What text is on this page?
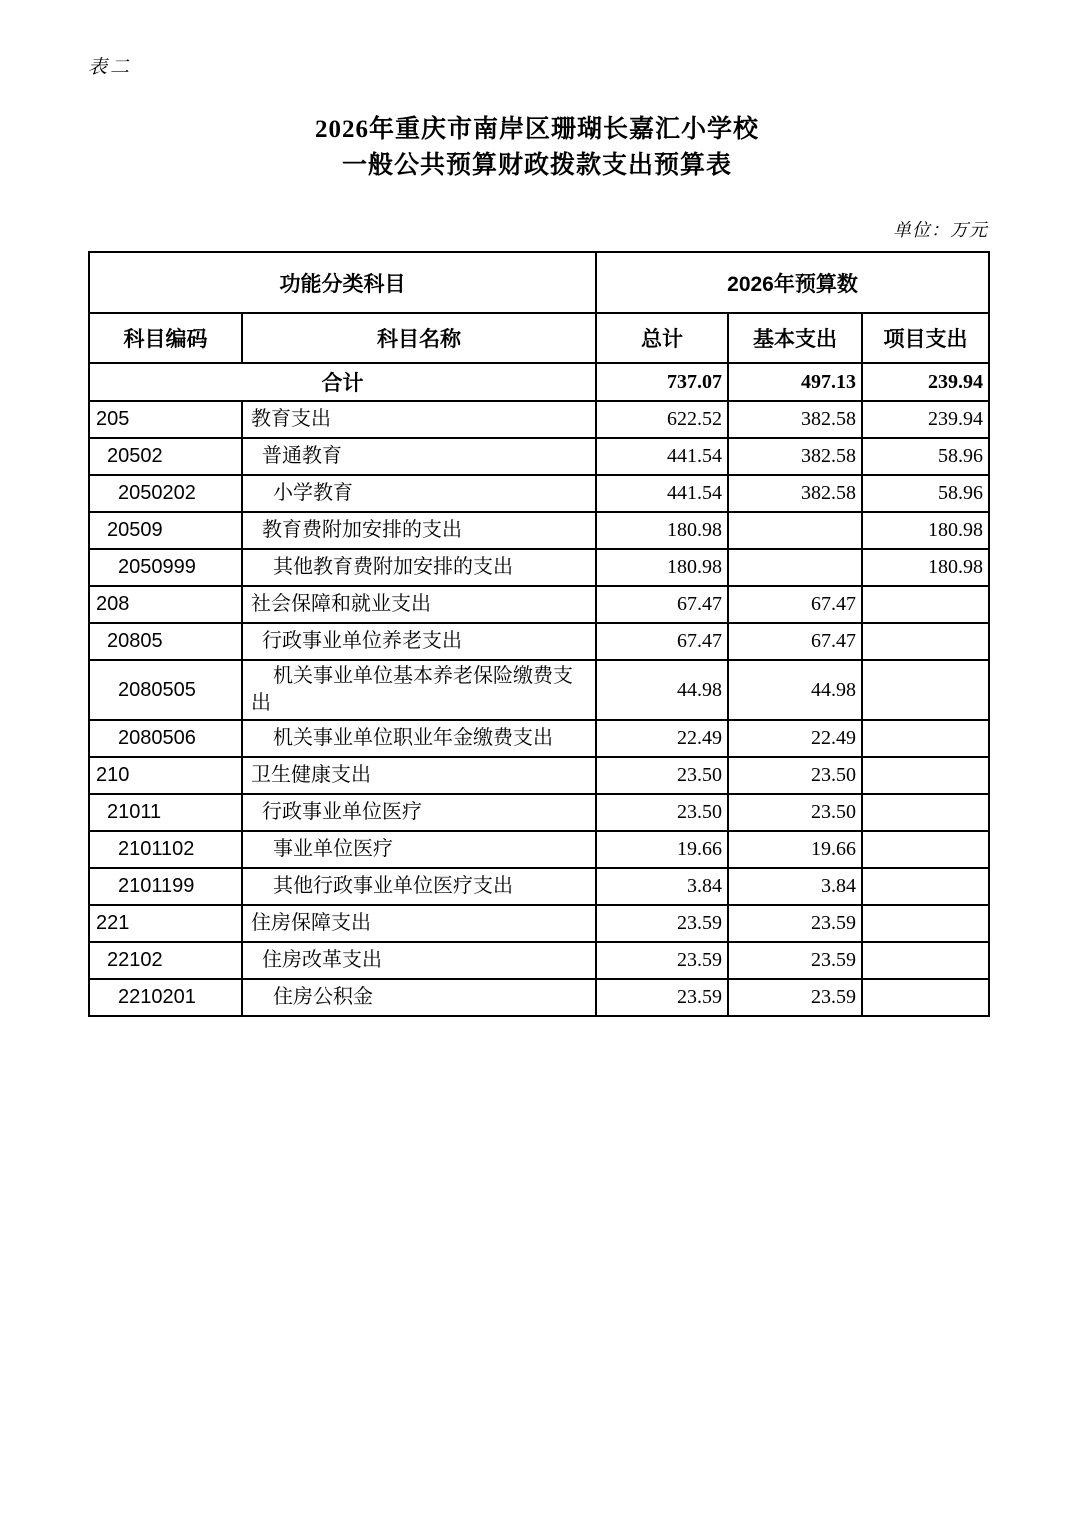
表二
2026年重庆市南岸区珊瑚长嘉汇小学校
一般公共预算财政拨款支出预算表
单位：万元
功能分类科目		2026年预算数		
科目编码	科目名称	总计	基本支出	项目支出
合计		737.07	497.13	239.94
205	教育支出	622.52	382.58	239.94
20502	普通教育	441.54	382.58	58.96
2050202	小学教育	441.54	382.58	58.96
20509	教育费附加安排的支出	180.98		180.98
2050999	其他教育费附加安排的支出	180.98		180.98
208	社会保障和就业支出	67.47	67.47	
20805	行政事业单位养老支出	67.47	67.47	
2080505	机关事业单位基本养老保险缴费支出	44.98	44.98	
2080506	机关事业单位职业年金缴费支出	22.49	22.49	
210	卫生健康支出	23.50	23.50	
21011	行政事业单位医疗	23.50	23.50	
2101102	事业单位医疗	19.66	19.66	
2101199	其他行政事业单位医疗支出	3.84	3.84	
221	住房保障支出	23.59	23.59	
22102	住房改革支出	23.59	23.59	
2210201	住房公积金	23.59	23.59	
